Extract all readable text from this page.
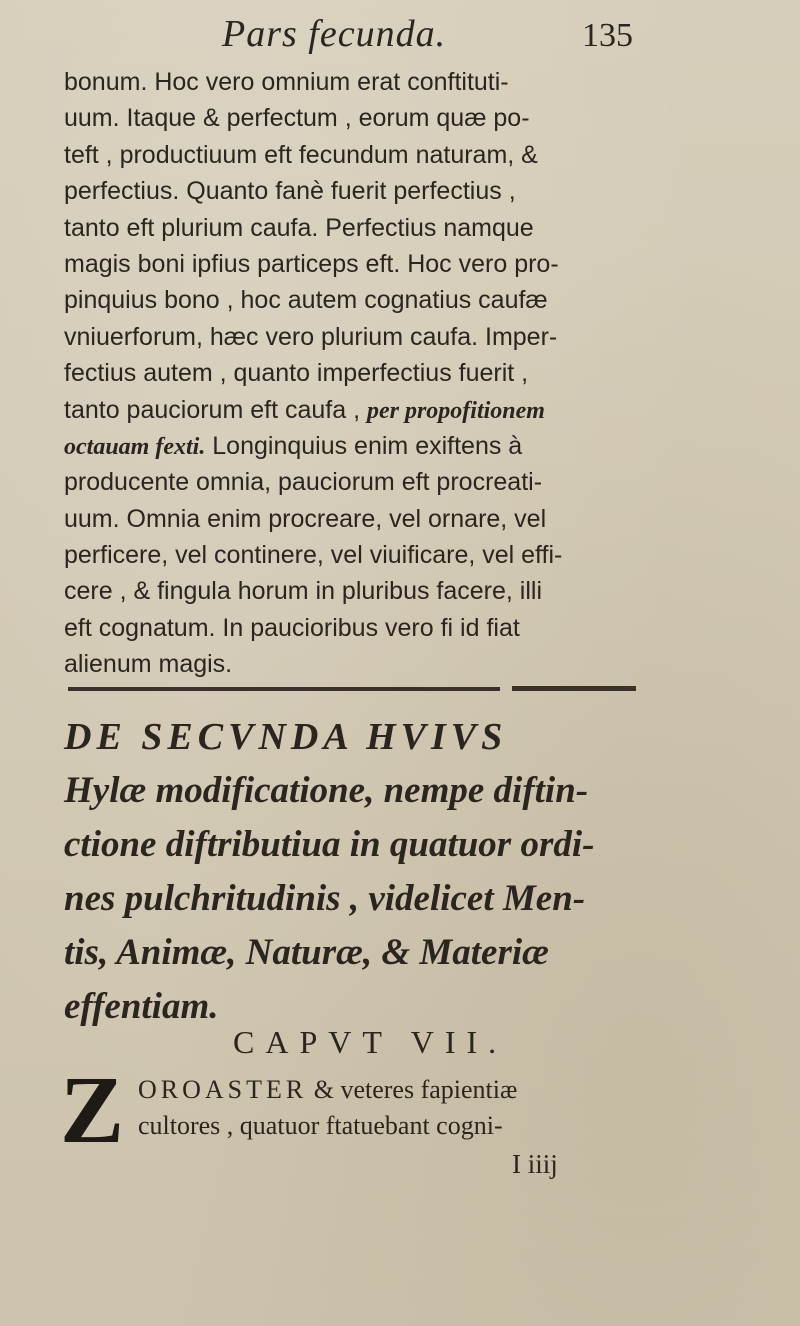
Pars fecunda.	135
bonum. Hoc vero omnium erat conftituti-
uum. Itaque & perfectum , eorum quæ po-
teft , productiuum eft fecundum naturam, &
perfectius. Quanto fanè fuerit perfectius ,
tanto eft plurium caufa. Perfectius namque
magis boni ipfius particeps eft. Hoc vero pro-
pinquius bono , hoc autem cognatius caufæ
vniuerforum, hæc vero plurium caufa. Imper-
fectius autem , quanto imperfectius fuerit ,
tanto pauciorum eft caufa , per propofitionem
octauam fexti. Longinquius enim exiftens à
producente omnia, pauciorum eft procreati-
uum. Omnia enim procreare, vel ornare, vel
perficere, vel continere, vel viuificare, vel effi-
cere , & fingula horum in pluribus facere, illi
eft cognatum. In paucioribus vero fi id fiat
alienum magis.
DE SECVNDA HVIVS
Hylæ modificatione, nempe diftin-
ctione diftributiua in quatuor ordi-
nes pulchritudinis , videlicet Men-
tis, Animæ, Naturæ, & Materiæ
effentiam.
CAPVT VII.
Z OROASTER & veteres fapientiæ
cultores , quatuor ftatuebant cogni-
I iiij
